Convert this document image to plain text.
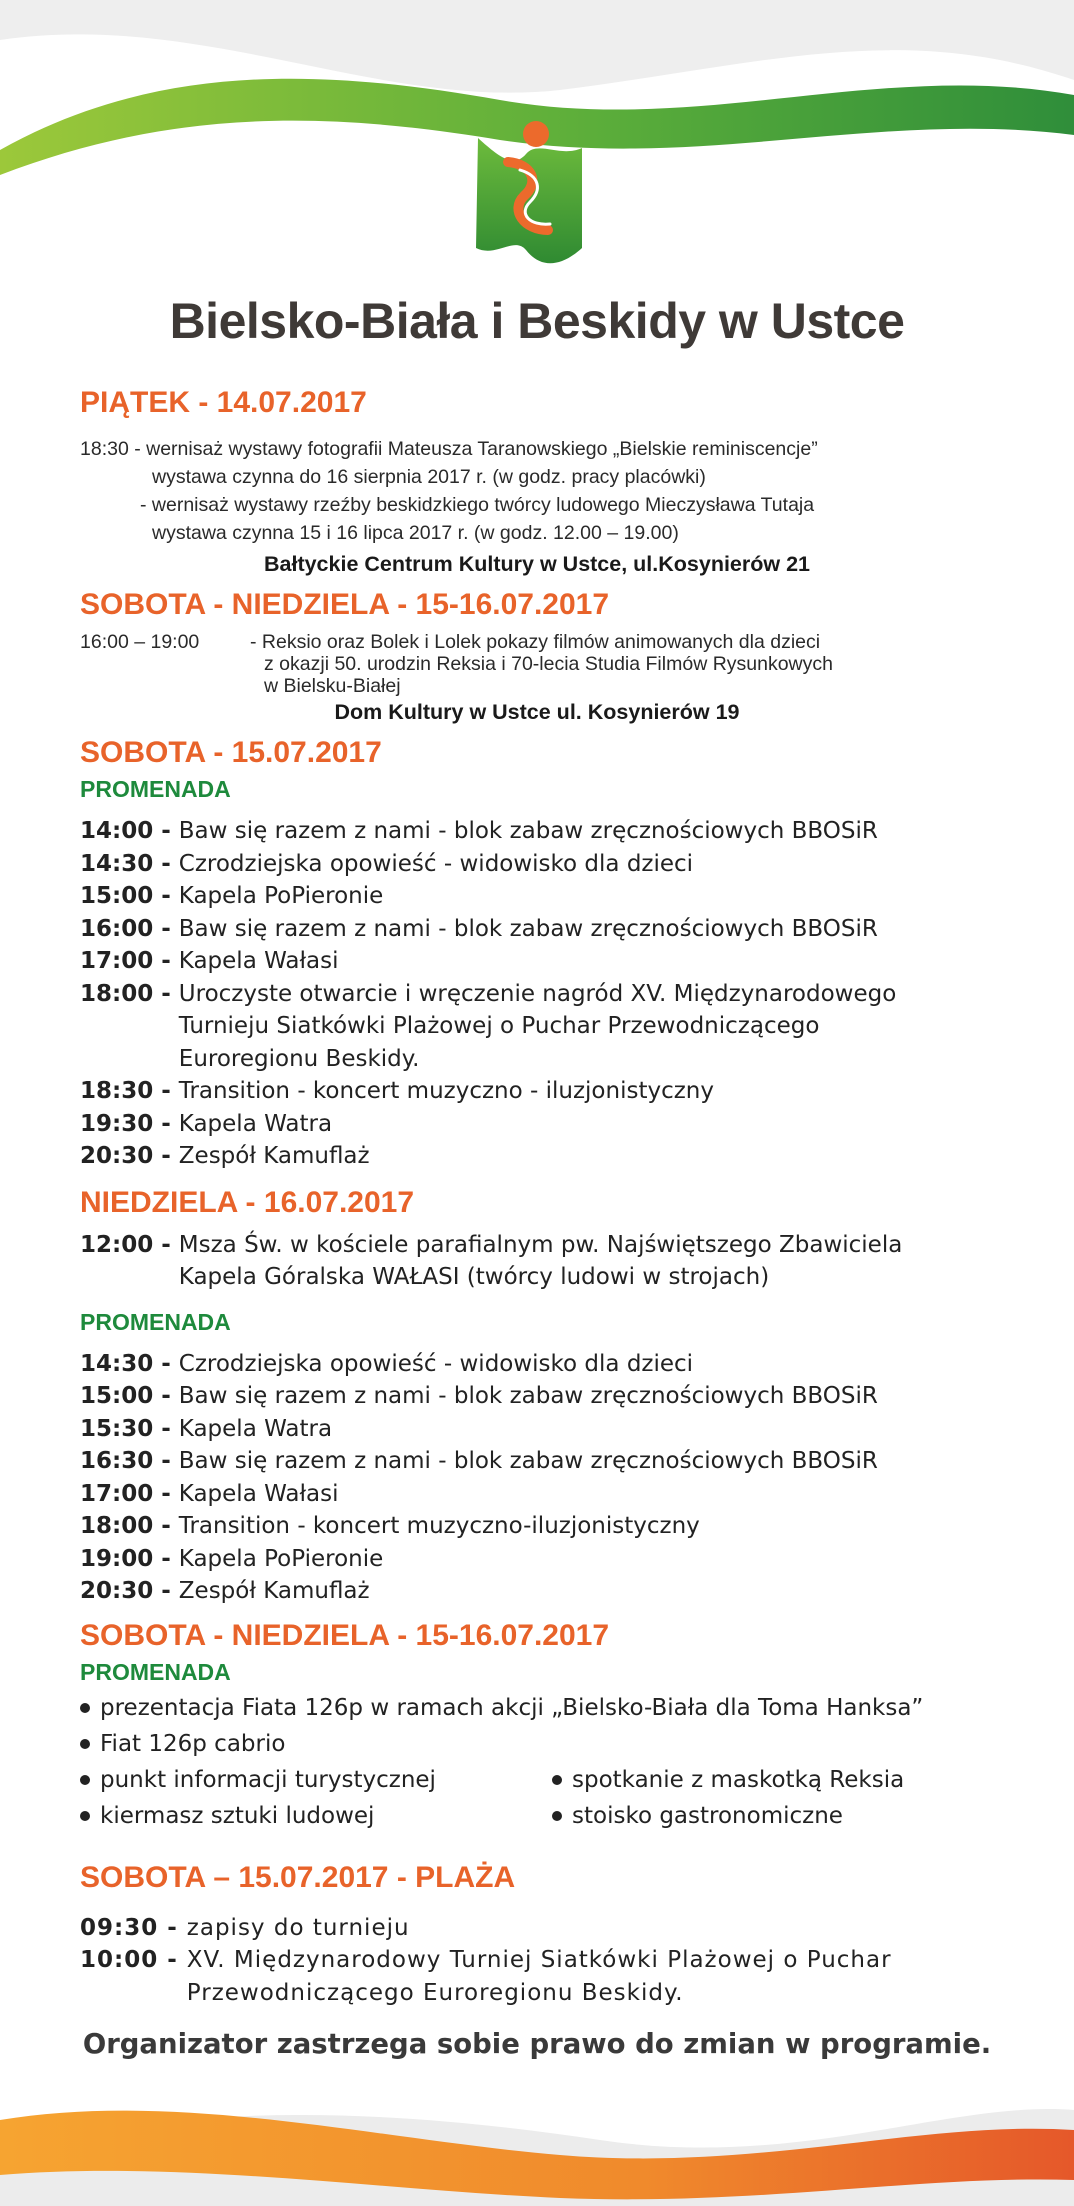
Bielsko-Biała i Beskidy w Ustce
PIĄTEK - 14.07.2017
18:30 - wernisaż wystawy fotografii Mateusza Taranowskiego „Bielskie reminiscencje”
wystawa czynna do 16 sierpnia 2017 r. (w godz. pracy placówki)
- wernisaż wystawy rzeźby beskidzkiego twórcy ludowego Mieczysława Tutaja
wystawa czynna 15 i 16 lipca 2017 r. (w godz. 12.00 – 19.00)
Bałtyckie Centrum Kultury w Ustce, ul.Kosynierów 21
SOBOTA - NIEDZIELA - 15-16.07.2017
16:00 – 19:00	- Reksio oraz Bolek i Lolek pokazy filmów animowanych dla dzieci
z okazji 50. urodzin Reksia i 70-lecia Studia Filmów Rysunkowych
w Bielsku-Białej
Dom Kultury w Ustce ul. Kosynierów 19
SOBOTA - 15.07.2017
PROMENADA
14:00 - Baw się razem z nami - blok zabaw zręcznościowych BBOSiR
14:30 - Czrodziejska opowieść - widowisko dla dzieci
15:00 - Kapela PoPieronie
16:00 - Baw się razem z nami - blok zabaw zręcznościowych BBOSiR
17:00 - Kapela Wałasi
18:00 - Uroczyste otwarcie i wręczenie nagród XV. Międzynarodowego Turnieju Siatkówki Plażowej o Puchar Przewodniczącego Euroregionu Beskidy.
18:30 - Transition - koncert muzyczno - iluzjonistyczny
19:30 - Kapela Watra
20:30 - Zespół Kamuflaż
NIEDZIELA - 16.07.2017
12:00 - Msza Św. w kościele parafialnym pw. Najświętszego Zbawiciela
Kapela Góralska WAŁASI (twórcy ludowi w strojach)
PROMENADA
14:30 - Czrodziejska opowieść - widowisko dla dzieci
15:00 - Baw się razem z nami - blok zabaw zręcznościowych BBOSiR
15:30 - Kapela Watra
16:30 - Baw się razem z nami - blok zabaw zręcznościowych BBOSiR
17:00 - Kapela Wałasi
18:00 - Transition - koncert muzyczno-iluzjonistyczny
19:00 - Kapela PoPieronie
20:30 - Zespół Kamuflaż
SOBOTA - NIEDZIELA - 15-16.07.2017
PROMENADA
prezentacja Fiata 126p w ramach akcji „Bielsko-Biała dla Toma Hanksa”
Fiat 126p cabrio
punkt informacji turystycznej	spotkanie z maskotką Reksia
kiermasz sztuki ludowej	stoisko gastronomiczne
SOBOTA – 15.07.2017 - PLAŻA
09:30 - zapisy do turnieju
10:00 - XV. Międzynarodowy Turniej Siatkówki Plażowej o Puchar Przewodniczącego Euroregionu Beskidy.
Organizator zastrzega sobie prawo do zmian w programie.
